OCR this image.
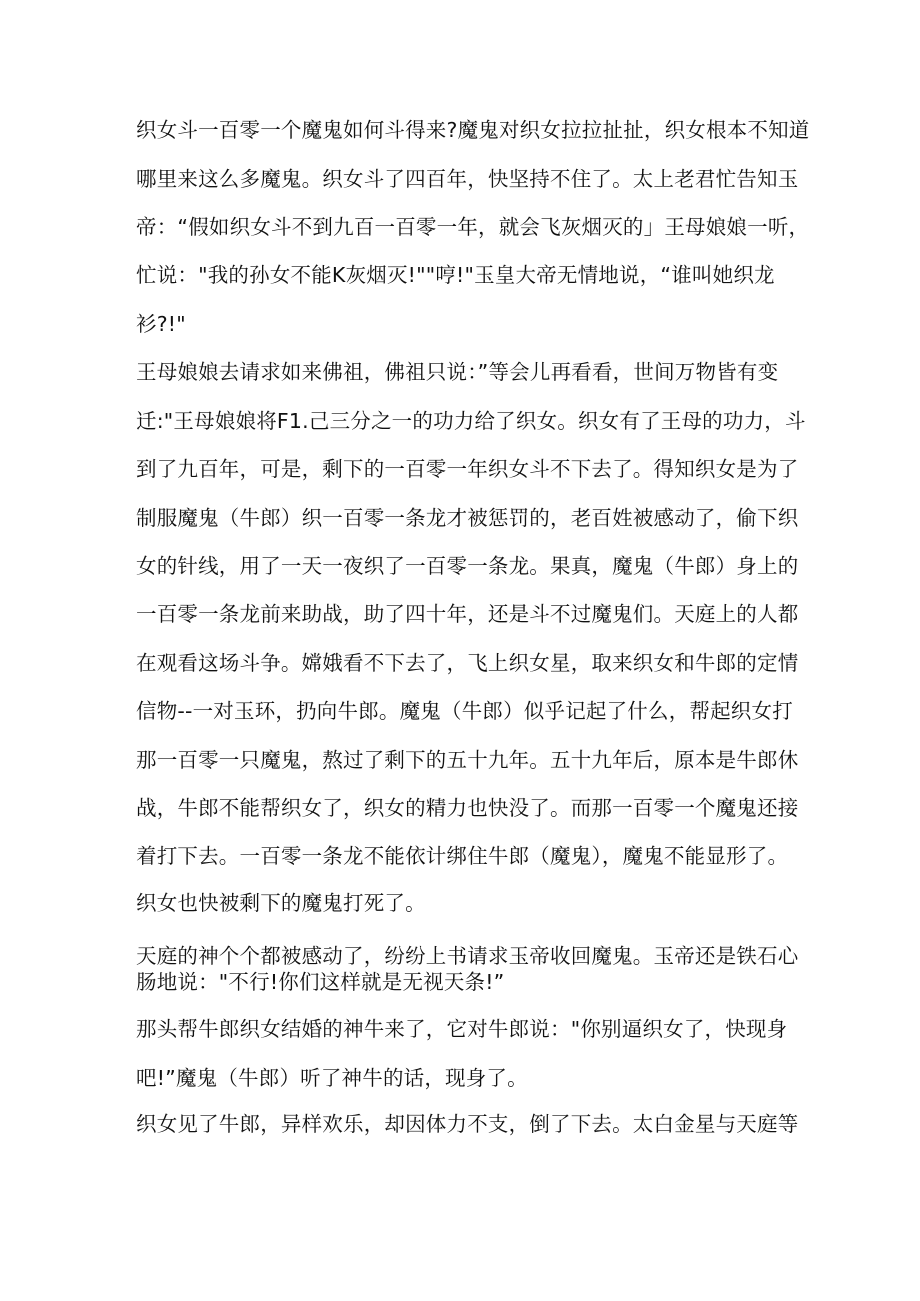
织女斗一百零一个魔鬼如何斗得来?魔鬼对织女拉拉扯扯，织女根本不知道
哪里来这么多魔鬼。织女斗了四百年，快坚持不住了。太上老君忙告知玉
帝：“假如织女斗不到九百一百零一年，就会飞灰烟灭的」王母娘娘一听，
忙说："我的孙女不能K灰烟灭!""哼!"玉皇大帝无情地说，“谁叫她织龙
衫?!"
王母娘娘去请求如来佛祖，佛祖只说：”等会儿再看看，世间万物皆有变
迁:"王母娘娘将F1.己三分之一的功力给了织女。织女有了王母的功力，斗
到了九百年，可是，剩下的一百零一年织女斗不下去了。得知织女是为了
制服魔鬼（牛郎）织一百零一条龙才被惩罚的，老百姓被感动了，偷下织
女的针线，用了一天一夜织了一百零一条龙。果真，魔鬼（牛郎）身上的
一百零一条龙前来助战，助了四十年，还是斗不过魔鬼们。天庭上的人都
在观看这场斗争。嫦娥看不下去了，飞上织女星，取来织女和牛郎的定情
信物--一对玉环，扔向牛郎。魔鬼（牛郎）似乎记起了什么，帮起织女打
那一百零一只魔鬼，熬过了剩下的五十九年。五十九年后，原本是牛郎休
战，牛郎不能帮织女了，织女的精力也快没了。而那一百零一个魔鬼还接
着打下去。一百零一条龙不能依计绑住牛郎（魔鬼），魔鬼不能显形了。
织女也快被剩下的魔鬼打死了。
天庭的神个个都被感动了，纷纷上书请求玉帝收回魔鬼。玉帝还是铁石心
肠地说："不行!你们这样就是无视天条!”
那头帮牛郎织女结婚的神牛来了，它对牛郎说："你别逼织女了，快现身
吧!”魔鬼（牛郎）听了神牛的话，现身了。
织女见了牛郎，异样欢乐，却因体力不支，倒了下去。太白金星与天庭等
